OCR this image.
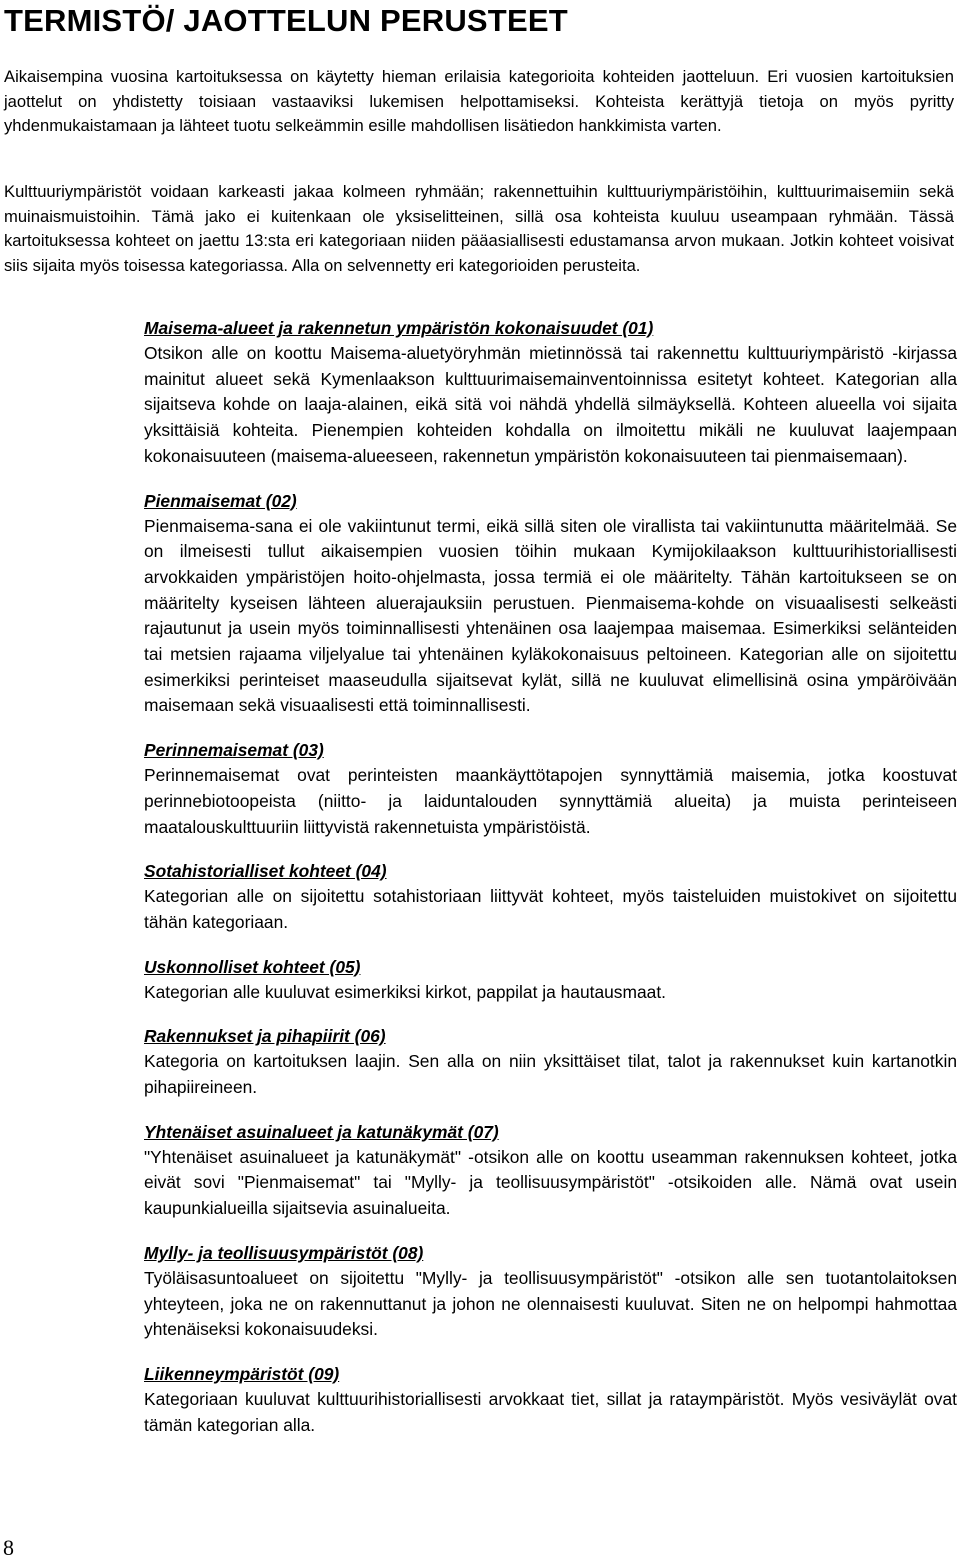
TERMISTÖ/ JAOTTELUN PERUSTEET

Aikaisempina vuosina kartoituksessa on käytetty hieman erilaisia kategorioita kohteiden jaotteluun. Eri vuosien kartoituksien jaottelut on yhdistetty toisiaan vastaaviksi lukemisen helpottamiseksi. Kohteista kerättyjä tietoja on myös pyritty yhdenmukaistamaan ja lähteet tuotu selkeämmin esille mahdollisen lisätiedon hankkimista varten.

Kulttuuriympäristöt voidaan karkeasti jakaa kolmeen ryhmään; rakennettuihin kulttuuriympäristöihin, kulttuurimaisemiin sekä muinaismuistoihin. Tämä jako ei kuitenkaan ole yksiselitteinen, sillä osa kohteista kuuluu useampaan ryhmään. Tässä kartoituksessa kohteet on jaettu 13:sta eri kategoriaan niiden pääasiallisesti edustamansa arvon mukaan. Jotkin kohteet voisivat siis sijaita myös toisessa kategoriassa. Alla on selvennetty eri kategorioiden perusteita.

Maisema-alueet ja rakennetun ympäristön kokonaisuudet (01)
Otsikon alle on koottu Maisema-aluetyöryhmän mietinnössä tai rakennettu kulttuuriympäristö -kirjassa mainitut alueet sekä Kymenlaakson kulttuurimaisemainventoinnissa esitetyt kohteet. Kategorian alla sijaitseva kohde on laaja-alainen, eikä sitä voi nähdä yhdellä silmäyksellä. Kohteen alueella voi sijaita yksittäisiä kohteita. Pienempien kohteiden kohdalla on ilmoitettu mikäli ne kuuluvat laajempaan kokonaisuuteen (maisema-alueeseen, rakennetun ympäristön kokonaisuuteen tai pienmaisemaan).
Pienmaisemat (02)
Pienmaisema-sana ei ole vakiintunut termi, eikä sillä siten ole virallista tai vakiintunutta määritelmää. Se on ilmeisesti tullut aikaisempien vuosien töihin mukaan Kymijokilaakson kulttuurihistoriallisesti arvokkaiden ympäristöjen hoito-ohjelmasta, jossa termiä ei ole määritelty. Tähän kartoitukseen se on määritelty kyseisen lähteen aluerajauksiin perustuen. Pienmaisema-kohde on visuaalisesti selkeästi rajautunut ja usein myös toiminnallisesti yhtenäinen osa laajempaa maisemaa. Esimerkiksi selänteiden tai metsien rajaama viljelyalue tai yhtenäinen kyläkokonaisuus peltoineen. Kategorian alle on sijoitettu esimerkiksi perinteiset maaseudulla sijaitsevat kylät, sillä ne kuuluvat elimellisinä osina ympäröivään maisemaan sekä visuaalisesti että toiminnallisesti.
Perinnemaisemat (03)
Perinnemaisemat ovat perinteisten maankäyttötapojen synnyttämiä maisemia, jotka koostuvat perinnebiotoopeista (niitto- ja laiduntalouden synnyttämiä alueita) ja muista perinteiseen maatalouskulttuuriin liittyvistä rakennetuista ympäristöistä.
Sotahistorialliset kohteet (04)
Kategorian alle on sijoitettu sotahistoriaan liittyvät kohteet, myös taisteluiden muistokivet on sijoitettu tähän kategoriaan.
Uskonnolliset kohteet (05)
Kategorian alle kuuluvat esimerkiksi kirkot, pappilat ja hautausmaat.
Rakennukset ja pihapiirit (06)
Kategoria on kartoituksen laajin. Sen alla on niin yksittäiset tilat, talot ja rakennukset kuin kartanotkin pihapiireineen.
Yhtenäiset asuinalueet ja katunäkymät (07)
"Yhtenäiset asuinalueet ja katunäkymät" -otsikon alle on koottu useamman rakennuksen kohteet, jotka eivät sovi "Pienmaisemat" tai "Mylly- ja teollisuusympäristöt" -otsikoiden alle. Nämä ovat usein kaupunkialueilla sijaitsevia asuinalueita.
Mylly- ja teollisuusympäristöt (08)
Työläisasuntoalueet on sijoitettu "Mylly- ja teollisuusympäristöt" -otsikon alle sen tuotantolaitoksen yhteyteen, joka ne on rakennuttanut ja johon ne olennaisesti kuuluvat. Siten ne on helpompi hahmottaa yhtenäiseksi kokonaisuudeksi.
Liikenneympäristöt (09)
Kategoriaan kuuluvat kulttuurihistoriallisesti arvokkaat tiet, sillat ja rataympäristöt. Myös vesiväylät ovat tämän kategorian alla.
8
